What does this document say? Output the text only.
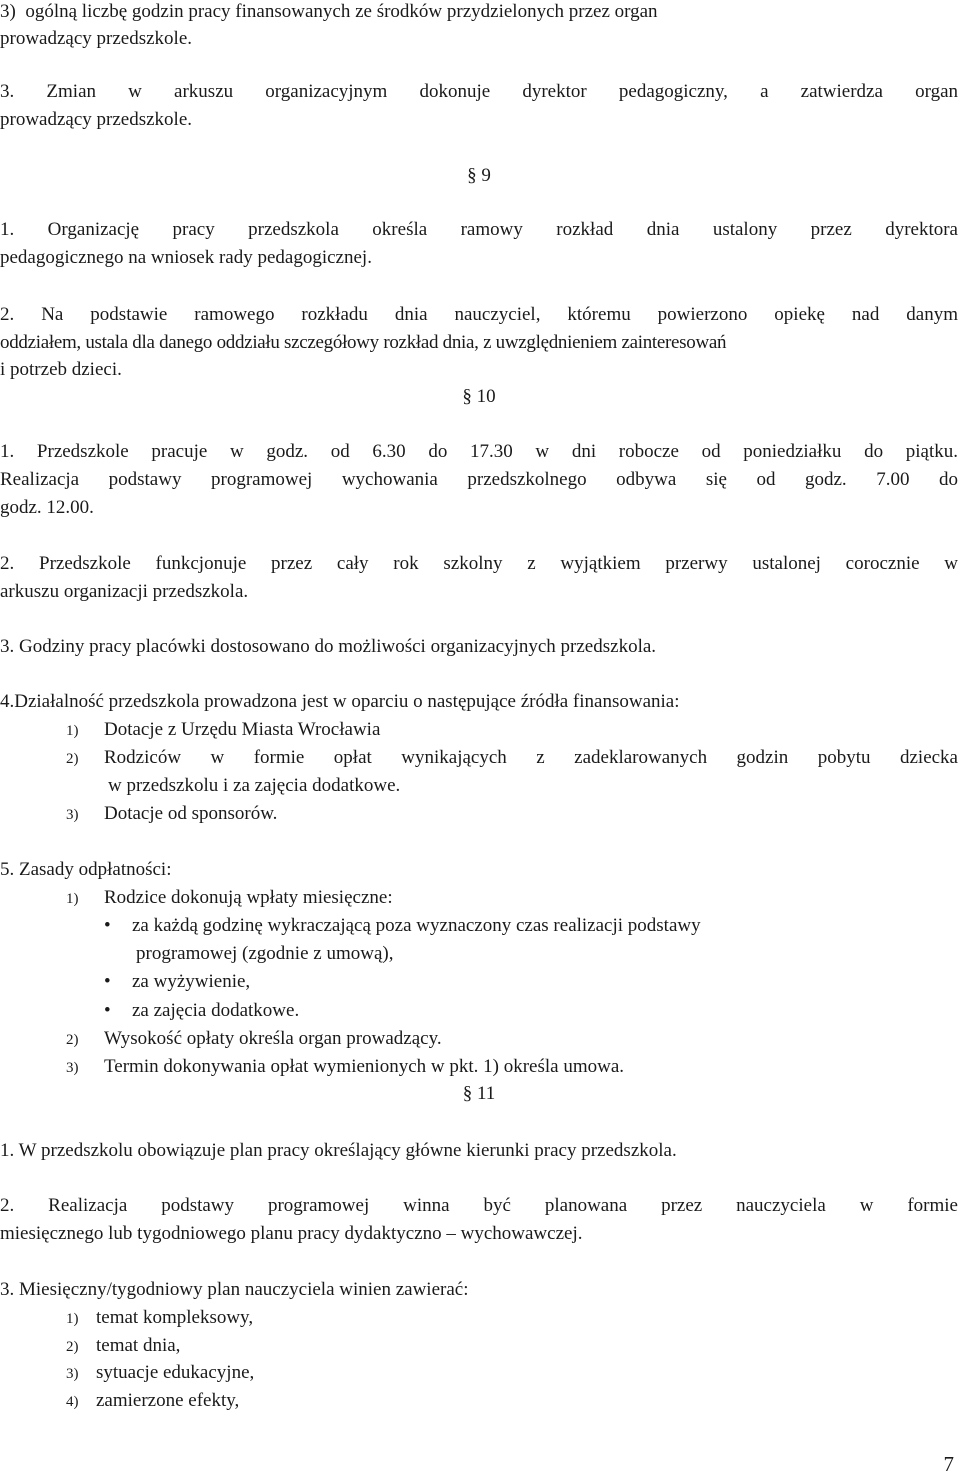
3) ogólną liczbę godzin pracy finansowanych ze środków przydzielonych przez organ
prowadzący przedszkole.
3. Zmian w arkuszu organizacyjnym dokonuje dyrektor pedagogiczny, a zatwierdza organ
prowadzący przedszkole.
§ 9
1. Organizację pracy przedszkola określa ramowy rozkład dnia ustalony przez dyrektora
pedagogicznego na wniosek rady pedagogicznej.
2. Na podstawie ramowego rozkładu dnia nauczyciel, któremu powierzono opiekę nad danym
oddziałem, ustala dla danego oddziału szczegółowy rozkład dnia, z uwzględnieniem zainteresowań
i potrzeb dzieci.
§ 10
1. Przedszkole pracuje w godz. od 6.30 do 17.30 w dni robocze od poniedziałku do piątku.
Realizacja podstawy programowej wychowania przedszkolnego odbywa się od godz. 7.00 do
godz. 12.00.
2. Przedszkole funkcjonuje przez cały rok szkolny z wyjątkiem przerwy ustalonej corocznie w
arkuszu organizacji przedszkola.
3. Godziny pracy placówki dostosowano do możliwości organizacyjnych przedszkola.
4.Działalność przedszkola prowadzona jest w oparciu o następujące źródła finansowania:
1) Dotacje z Urzędu Miasta Wrocławia
2) Rodziców w formie opłat wynikających z zadeklarowanych godzin pobytu dziecka
w przedszkolu i za zajęcia dodatkowe.
3) Dotacje od sponsorów.
5. Zasady odpłatności:
1) Rodzice dokonują wpłaty miesięczne:
• za każdą godzinę wykraczającą poza wyznaczony czas realizacji podstawy
programowej (zgodnie z umową),
• za wyżywienie,
• za zajęcia dodatkowe.
2) Wysokość opłaty określa organ prowadzący.
3) Termin dokonywania opłat wymienionych w pkt. 1) określa umowa.
§ 11
1. W przedszkolu obowiązuje plan pracy określający główne kierunki pracy przedszkola.
2. Realizacja podstawy programowej winna być planowana przez nauczyciela w formie
miesięcznego lub tygodniowego planu pracy dydaktyczno – wychowawczej.
3. Miesięczny/tygodniowy plan nauczyciela winien zawierać:
1) temat kompleksowy,
2) temat dnia,
3) sytuacje edukacyjne,
4) zamierzone efekty,
7
